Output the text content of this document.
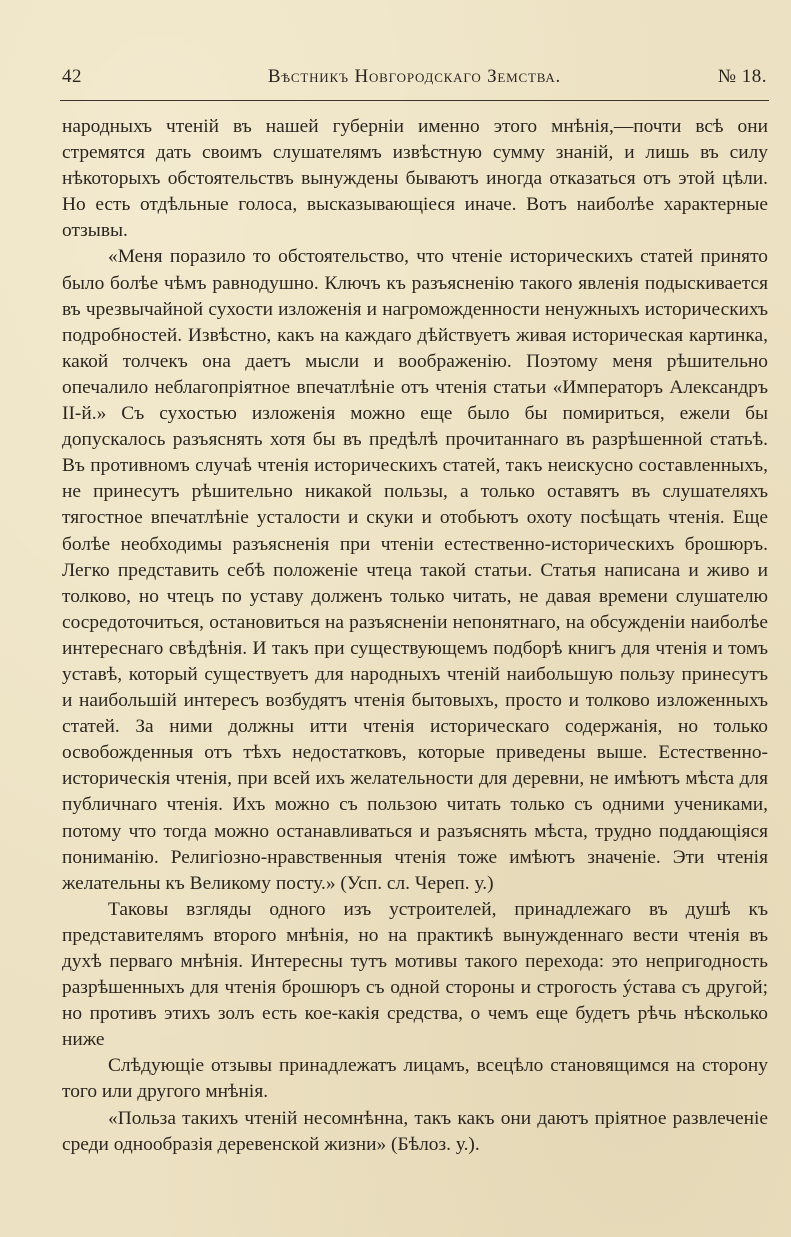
42	Вѣстникъ Новгородскаго Земства.	№ 18.

народныхъ чтеній въ нашей губерніи именно этого мнѣнія,—почти всѣ они стремятся дать своимъ слушателямъ извѣстную сумму знаній, и лишь въ силу нѣкоторыхъ обстоятельствъ вынуждены бываютъ иногда отказаться отъ этой цѣли. Но есть отдѣльные голоса, высказывающіеся иначе. Вотъ наиболѣе характерные отзывы.

«Меня поразило то обстоятельство, что чтеніе историческихъ статей принято было болѣе чѣмъ равнодушно. Ключъ къ разъясненію такого явленія подыскивается въ чрезвычайной сухости изложенія и нагроможденности ненужныхъ историческихъ подробностей. Извѣстно, какъ на каждаго дѣйствуетъ живая историческая картинка, какой толчекъ она даетъ мысли и воображенію. Поэтому меня рѣшительно опечалило неблагопріятное впечатлѣніе отъ чтенія статьи «Императоръ Александръ II-й.» Съ сухостью изложенія можно еще было бы помириться, ежели бы допускалось разъяснять хотя бы въ предѣлѣ прочитаннаго въ разрѣшенной статьѣ. Въ противномъ случаѣ чтенія историческихъ статей, такъ неискусно составленныхъ, не принесутъ рѣшительно никакой пользы, а только оставятъ въ слушателяхъ тягостное впечатлѣніе усталости и скуки и отобьютъ охоту посѣщать чтенія. Еще болѣе необходимы разъясненія при чтеніи естественно-историческихъ брошюръ. Легко представить себѣ положеніе чтеца такой статьи. Статья написана и живо и толково, но чтецъ по уставу долженъ только читать, не давая времени слушателю сосредоточиться, остановиться на разъясненіи непонятнаго, на обсужденіи наиболѣе интереснаго свѣдѣнія. И такъ при существующемъ подборѣ книгъ для чтенія и томъ уставѣ, который существуетъ для народныхъ чтеній наибольшую пользу принесутъ и наибольшій интересъ возбудятъ чтенія бытовыхъ, просто и толково изложенныхъ статей. За ними должны итти чтенія историческаго содержанія, но только освобожденныя отъ тѣхъ недостатковъ, которые приведены выше. Естественно-историческія чтенія, при всей ихъ желательности для деревни, не имѣютъ мѣста для публичнаго чтенія. Ихъ можно съ пользою читать только съ одними учениками, потому что тогда можно останавливаться и разъяснять мѣста, трудно поддающіяся пониманію. Религіозно-нравственныя чтенія тоже имѣютъ значеніе. Эти чтенія желательны къ Великому посту.» (Усп. сл. Череп. у.)

Таковы взгляды одного изъ устроителей, принадлежаго въ душѣ къ представителямъ второго мнѣнія, но на практикѣ вынужденнаго вести чтенія въ духѣ перваго мнѣнія. Интересны тутъ мотивы такого перехода: это непригодность разрѣшенныхъ для чтенія брошюръ съ одной стороны и строгость ýстава съ другой; но противъ этихъ золъ есть кое-какія средства, о чемъ еще будетъ рѣчь нѣсколько ниже

Слѣдующіе отзывы принадлежатъ лицамъ, всецѣло становящимся на сторону того или другого мнѣнія.

«Польза такихъ чтеній несомнѣнна, такъ какъ они даютъ пріятное развлеченіе среди однообразія деревенской жизни» (Бѣлоз. у.).
